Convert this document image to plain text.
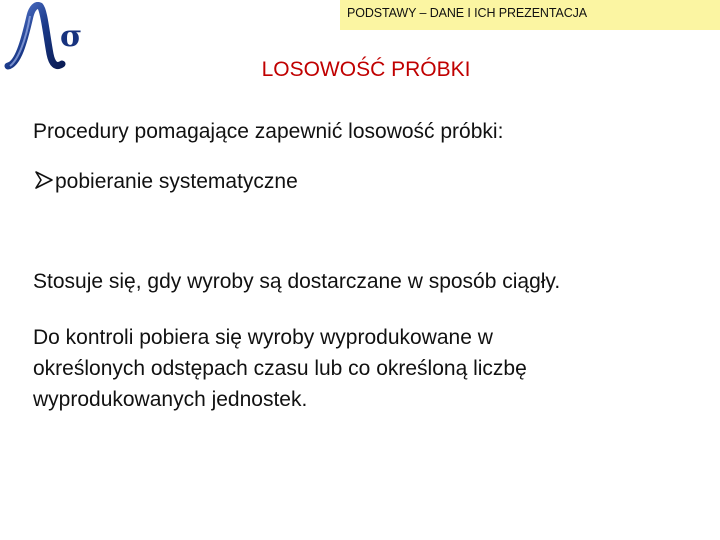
σ
PODSTAWY – DANE I ICH PREZENTACJA
LOSOWOŚĆ PRÓBKI
Procedury pomagające zapewnić losowość próbki:
pobieranie systematyczne
Stosuje się, gdy wyroby są dostarczane w sposób ciągły.
Do kontroli pobiera się wyroby wyprodukowane w
określonych odstępach czasu lub co określoną liczbę
wyprodukowanych jednostek.
